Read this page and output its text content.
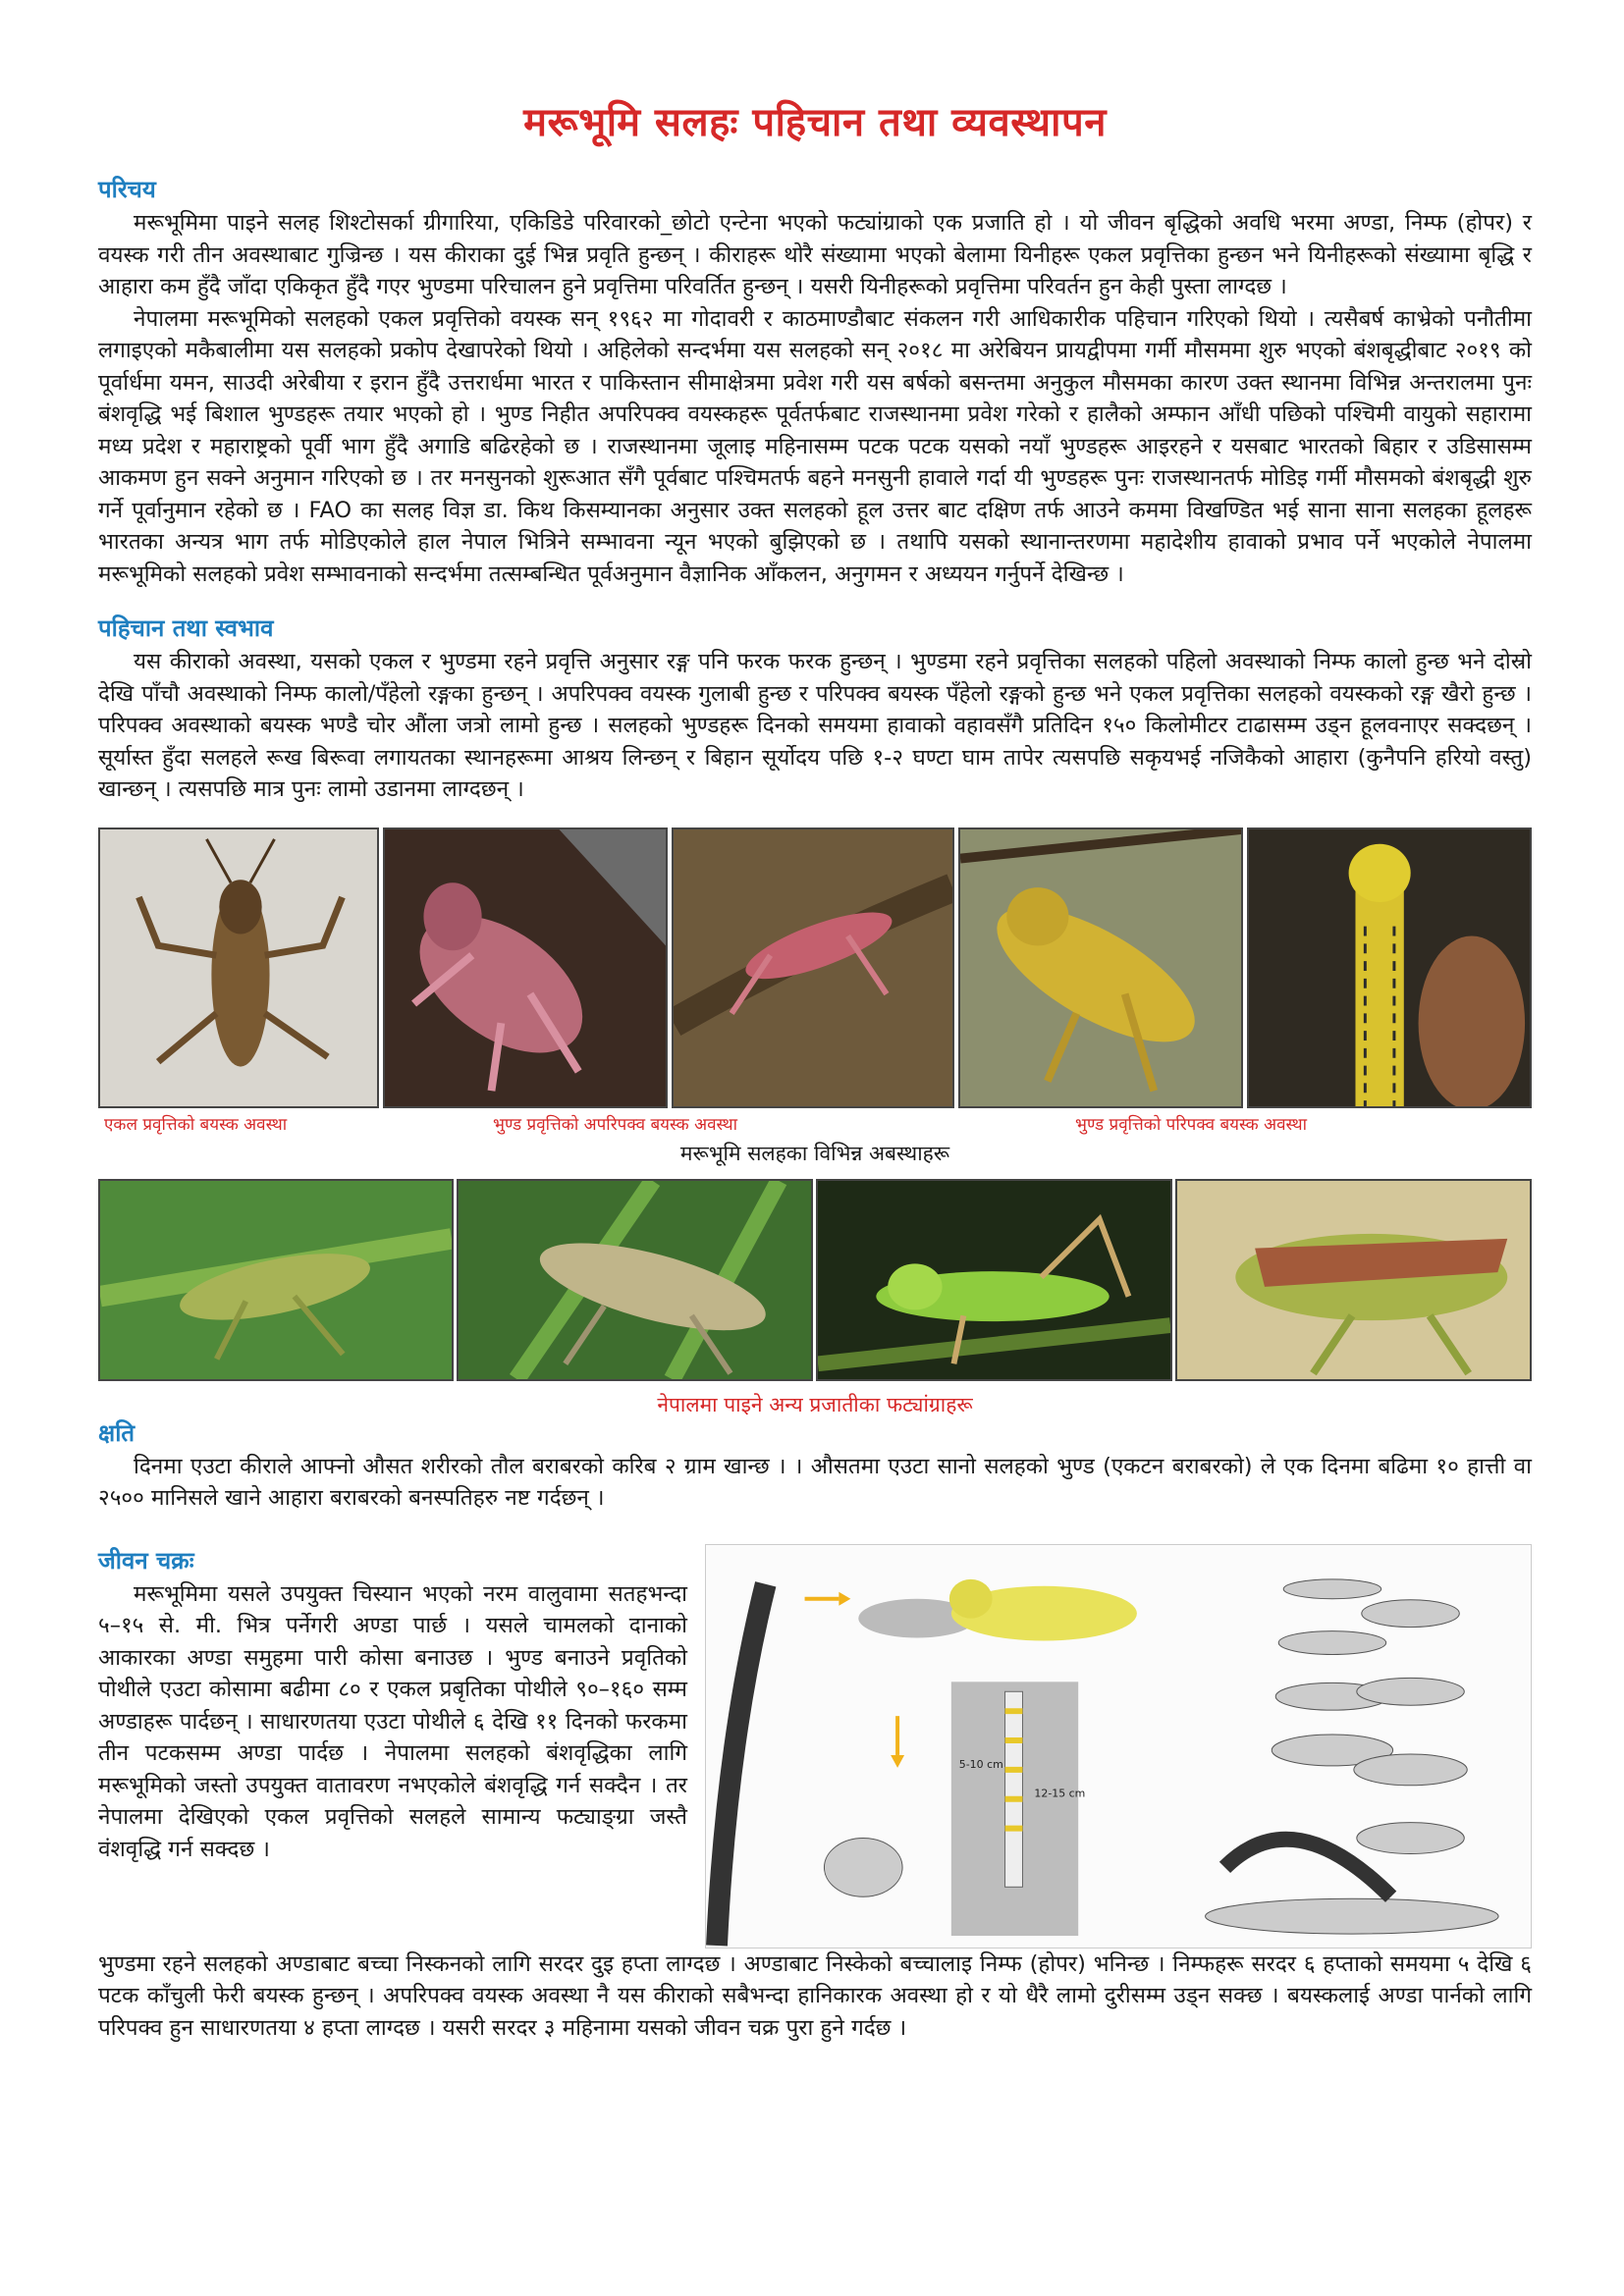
मरूभूमि सलहः पहिचान तथा व्यवस्थापन
परिचय

मरूभूमिमा पाइने सलह शिश्टोसर्का ग्रीगारिया, एकिडिडे परिवारको_छोटो एन्टेना भएको फट्यांग्राको एक प्रजाति हो । यो जीवन बृद्धिको अवधि भरमा अण्डा, निम्फ (होपर) र वयस्क गरी तीन अवस्थाबाट गुज्रिन्छ । यस कीराका दुई भिन्न प्रवृति हुन्छन् । कीराहरू थोरै संख्यामा भएको बेलामा यिनीहरू एकल प्रवृत्तिका हुन्छन भने यिनीहरूको संख्यामा बृद्धि र आहारा कम हुँदै जाँदा एकिकृत हुँदै गएर भुण्डमा परिचालन हुने प्रवृत्तिमा परिवर्तित हुन्छन् । यसरी यिनीहरूको प्रवृत्तिमा परिवर्तन हुन केही पुस्ता लाग्दछ ।

नेपालमा मरूभूमिको सलहको एकल प्रवृत्तिको वयस्क सन् १९६२ मा गोदावरी र काठमाण्डौबाट संकलन गरी आधिकारीक पहिचान गरिएको थियो । त्यसैबर्ष काभ्रेको पनौतीमा लगाइएको मकैबालीमा यस सलहको प्रकोप देखापरेको थियो । अहिलेको सन्दर्भमा यस सलहको सन् २०१८ मा अरेबियन प्रायद्वीपमा गर्मी मौसममा शुरु भएको बंशबृद्धीबाट २०१९ को पूर्वार्धमा यमन, साउदी अरेबीया र इरान हुँदै उत्तरार्धमा भारत र पाकिस्तान सीमाक्षेत्रमा प्रवेश गरी यस बर्षको बसन्तमा अनुकुल मौसमका कारण उक्त स्थानमा विभिन्न अन्तरालमा पुनः बंशवृद्धि भई बिशाल भुण्डहरू तयार भएको हो । भुण्ड निहीत अपरिपक्व वयस्कहरू पूर्वतर्फबाट राजस्थानमा प्रवेश गरेको र हालैको अम्फान आँधी पछिको पश्चिमी वायुको सहारामा मध्य प्रदेश र महाराष्ट्रको पूर्वी भाग हुँदै अगाडि बढिरहेको छ । राजस्थानमा जूलाइ महिनासम्म पटक पटक यसको नयाँ भुण्डहरू आइरहने र यसबाट भारतको बिहार र उडिसासम्म आकमण हुन सक्ने अनुमान गरिएको छ । तर मनसुनको शुरूआत सँगै पूर्वबाट पश्चिमतर्फ बहने मनसुनी हावाले गर्दा यी भुण्डहरू पुनः राजस्थानतर्फ मोडिइ गर्मी मौसमको बंशबृद्धी शुरु गर्ने पूर्वानुमान रहेको छ । FAO का सलह विज्ञ डा. किथ किसम्यानका अनुसार उक्त सलहको हूल उत्तर बाट दक्षिण तर्फ आउने कममा विखण्डित भई साना साना सलहका हूलहरू भारतका अन्यत्र भाग तर्फ मोडिएकोले हाल नेपाल भित्रिने सम्भावना न्यून भएको बुझिएको छ । तथापि यसको स्थानान्तरणमा महादेशीय हावाको प्रभाव पर्ने भएकोले नेपालमा मरूभूमिको सलहको प्रवेश सम्भावनाको सन्दर्भमा तत्सम्बन्धित पूर्वअनुमान वैज्ञानिक आँकलन, अनुगमन र अध्ययन गर्नुपर्ने देखिन्छ ।

पहिचान तथा स्वभाव

यस कीराको अवस्था, यसको एकल र भुण्डमा रहने प्रवृत्ति अनुसार रङ्ग पनि फरक फरक हुन्छन् । भुण्डमा रहने प्रवृत्तिका सलहको पहिलो अवस्थाको निम्फ कालो हुन्छ भने दोस्रो देखि पाँचौ अवस्थाको निम्फ कालो/पँहेलो रङ्गका हुन्छन् । अपरिपक्व वयस्क गुलाबी हुन्छ र परिपक्व बयस्क पँहेलो रङ्गको हुन्छ भने एकल प्रवृत्तिका सलहको वयस्कको रङ्ग खैरो हुन्छ । परिपक्व अवस्थाको बयस्क भण्डै चोर औंला जत्रो लामो हुन्छ । सलहको भुण्डहरू दिनको समयमा हावाको वहावसँगै प्रतिदिन १५० किलोमीटर टाढासम्म उड्न हूलवनाएर सक्दछन् । सूर्यास्त हुँदा सलहले रूख बिरूवा लगायतका स्थानहरूमा आश्रय लिन्छन् र बिहान सूर्योदय पछि १-२ घण्टा घाम तापेर त्यसपछि सकृयभई नजिकैको आहारा (कुनैपनि हरियो वस्तु) खान्छन् । त्यसपछि मात्र पुनः लामो उडानमा लाग्दछन् ।

एकल प्रवृत्तिको बयस्क अवस्था	भुण्ड प्रवृत्तिको अपरिपक्व बयस्क अवस्था	भुण्ड प्रवृत्तिको परिपक्व बयस्क अवस्था
मरूभूमि सलहका विभिन्न अबस्थाहरू
नेपालमा पाइने अन्य प्रजातीका फट्यांग्राहरू
क्षति

दिनमा एउटा कीराले आफ्नो औसत शरीरको तौल बराबरको करिब २ ग्राम खान्छ । । औसतमा एउटा सानो सलहको भुण्ड (एकटन बराबरको) ले एक दिनमा बढिमा १० हात्ती वा २५०० मानिसले खाने आहारा बराबरको बनस्पतिहरु नष्ट गर्दछन् ।

जीवन चक्रः

मरूभूमिमा यसले उपयुक्त चिस्यान भएको नरम वालुवामा सतहभन्दा ५–१५ से. मी. भित्र पर्नेगरी अण्डा पार्छ । यसले चामलको दानाको आकारका अण्डा समुहमा पारी कोसा बनाउछ । भुण्ड बनाउने प्रवृतिको पोथीले एउटा कोसामा बढीमा ८० र एकल प्रबृतिका पोथीले ९०–१६० सम्म अण्डाहरू पार्दछन् । साधारणतया एउटा पोथीले ६ देखि ११ दिनको फरकमा तीन पटकसम्म अण्डा पार्दछ । नेपालमा सलहको बंशवृद्धिका लागि मरूभूमिको जस्तो उपयुक्त वातावरण नभएकोले बंशवृद्धि गर्न सक्दैन । तर नेपालमा देखिएको एकल प्रवृत्तिको सलहले सामान्य फट्याङ्ग्रा जस्तै वंशवृद्धि गर्न सक्दछ ।

5-10 cm
12-15 cm

भुण्डमा रहने सलहको अण्डाबाट बच्चा निस्कनको लागि सरदर दुइ हप्ता लाग्दछ । अण्डाबाट निस्केको बच्चालाइ निम्फ (होपर) भनिन्छ । निम्फहरू सरदर ६ हप्ताको समयमा ५ देखि ६ पटक काँचुली फेरी बयस्क हुन्छन् । अपरिपक्व वयस्क अवस्था नै यस कीराको सबैभन्दा हानिकारक अवस्था हो र यो धैरै लामो दुरीसम्म उड्न सक्छ । बयस्कलाई अण्डा पार्नको लागि परिपक्व हुन साधारणतया ४ हप्ता लाग्दछ । यसरी सरदर ३ महिनामा यसको जीवन चक्र पुरा हुने गर्दछ ।
